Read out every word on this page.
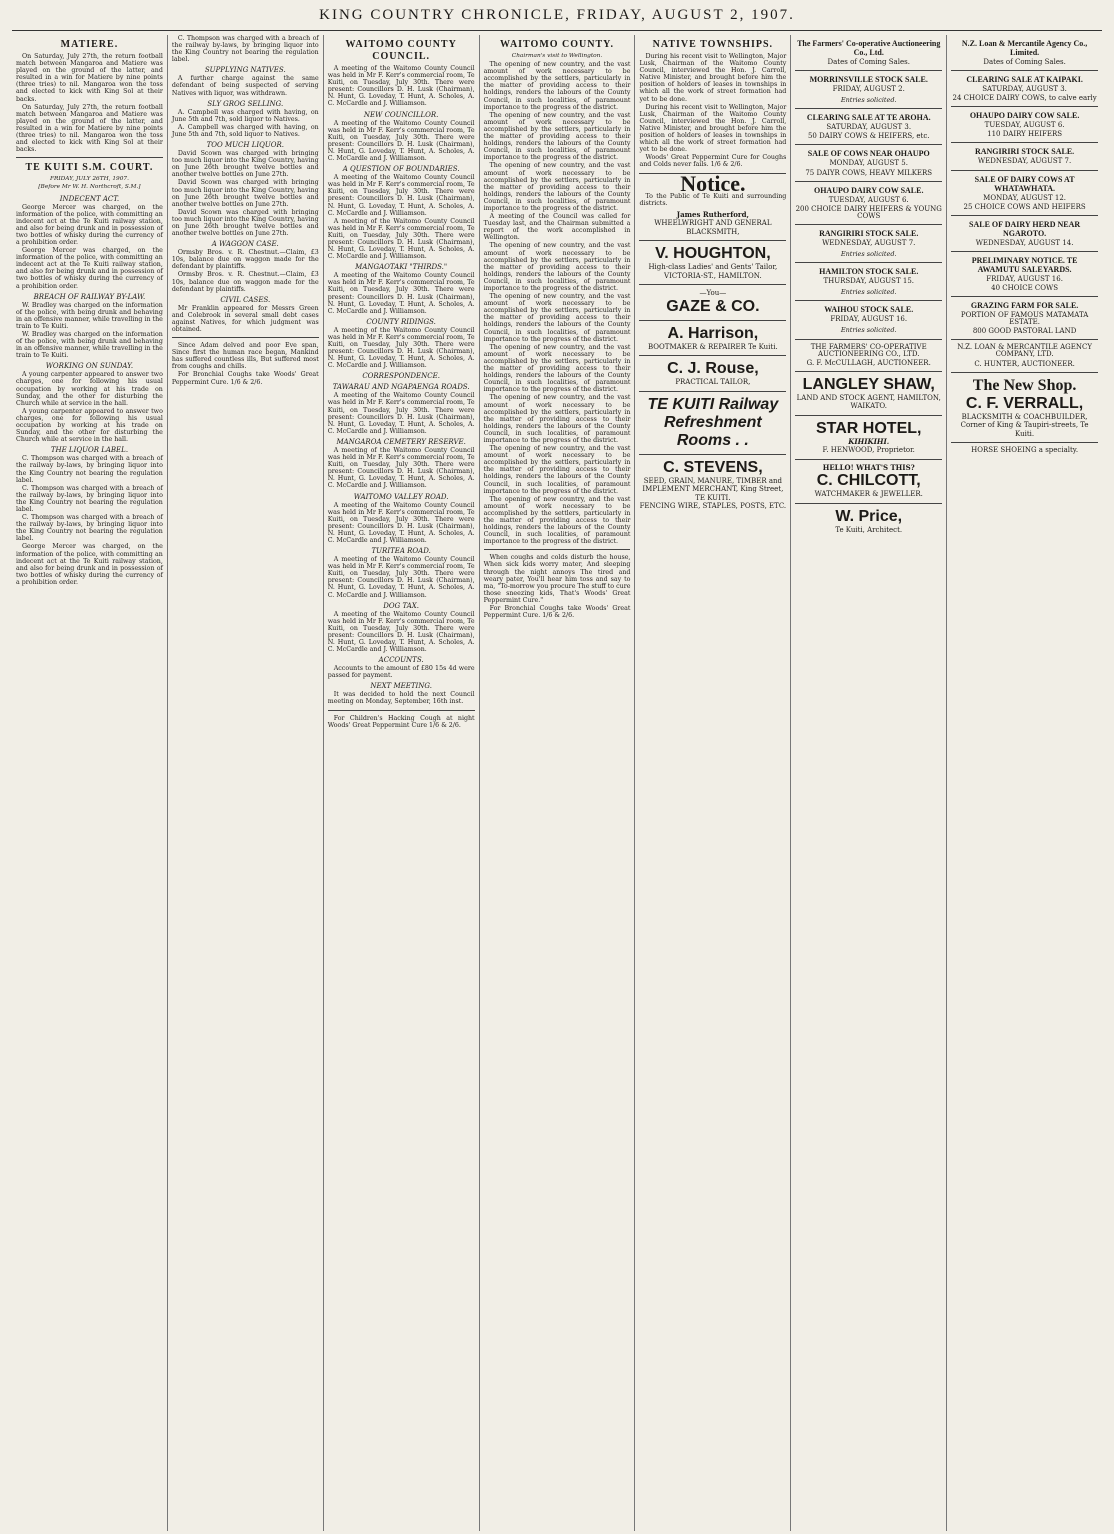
KING COUNTRY CHRONICLE, FRIDAY, AUGUST 2, 1907.
MATIERE.

On Saturday, July 27th, the return football match between Mangaroa and Matiere was played on the ground of the latter, and resulted in a win for Matiere by nine points (three tries) to nil. Mangaroa won the toss and elected to kick with King Sol at their backs.

On Saturday, July 27th, the return football match between Mangaroa and Matiere was played on the ground of the latter, and resulted in a win for Matiere by nine points (three tries) to nil. Mangaroa won the toss and elected to kick with King Sol at their backs.

TE KUITI S.M. COURT.
FRIDAY, JULY 26TH, 1907.
[Before Mr W. H. Northcroft, S.M.]
INDECENT ACT.

George Mercer was charged, on the information of the police, with committing an indecent act at the Te Kuiti railway station, and also for being drunk and in possession of two bottles of whisky during the currency of a prohibition order.

George Mercer was charged, on the information of the police, with committing an indecent act at the Te Kuiti railway station, and also for being drunk and in possession of two bottles of whisky during the currency of a prohibition order.

BREACH OF RAILWAY BY-LAW.

W. Bradley was charged on the information of the police, with being drunk and behaving in an offensive manner, while travelling in the train to Te Kuiti.

W. Bradley was charged on the information of the police, with being drunk and behaving in an offensive manner, while travelling in the train to Te Kuiti.

WORKING ON SUNDAY.

A young carpenter appeared to answer two charges, one for following his usual occupation by working at his trade on Sunday, and the other for disturbing the Church while at service in the hall.

A young carpenter appeared to answer two charges, one for following his usual occupation by working at his trade on Sunday, and the other for disturbing the Church while at service in the hall.

THE LIQUOR LABEL.

C. Thompson was charged with a breach of the railway by-laws, by bringing liquor into the King Country not bearing the regulation label.

C. Thompson was charged with a breach of the railway by-laws, by bringing liquor into the King Country not bearing the regulation label.

C. Thompson was charged with a breach of the railway by-laws, by bringing liquor into the King Country not bearing the regulation label.

George Mercer was charged, on the information of the police, with committing an indecent act at the Te Kuiti railway station, and also for being drunk and in possession of two bottles of whisky during the currency of a prohibition order.

C. Thompson was charged with a breach of the railway by-laws, by bringing liquor into the King Country not bearing the regulation label.

SUPPLYING NATIVES.

A further charge against the same defendant of being suspected of serving Natives with liquor, was withdrawn.

SLY GROG SELLING.

A. Campbell was charged with having, on June 5th and 7th, sold liquor to Natives.

A. Campbell was charged with having, on June 5th and 7th, sold liquor to Natives.

TOO MUCH LIQUOR.

David Scown was charged with bringing too much liquor into the King Country, having on June 26th brought twelve bottles and another twelve bottles on June 27th.

David Scown was charged with bringing too much liquor into the King Country, having on June 26th brought twelve bottles and another twelve bottles on June 27th.

David Scown was charged with bringing too much liquor into the King Country, having on June 26th brought twelve bottles and another twelve bottles on June 27th.

A WAGGON CASE.

Ormsby Bros. v. R. Chestnut.—Claim, £3 10s, balance due on waggon made for the defendant by plaintiffs.

Ormsby Bros. v. R. Chestnut.—Claim, £3 10s, balance due on waggon made for the defendant by plaintiffs.

CIVIL CASES.

Mr Franklin appeared for Messrs Green and Colebrook in several small debt cases against Natives, for which judgment was obtained.

Since Adam delved and poor Eve span, Since first the human race began, Mankind has suffered countless ills, But suffered most from coughs and chills.

For Bronchial Coughs take Woods' Great Peppermint Cure. 1/6 & 2/6.

WAITOMO COUNTY COUNCIL.

A meeting of the Waitomo County Council was held in Mr F. Kerr's commercial room, Te Kuiti, on Tuesday, July 30th. There were present: Councillors D. H. Lusk (Chairman), N. Hunt, G. Loveday, T. Hunt, A. Scholes, A. C. McCardle and J. Williamson.

NEW COUNCILLOR.

A meeting of the Waitomo County Council was held in Mr F. Kerr's commercial room, Te Kuiti, on Tuesday, July 30th. There were present: Councillors D. H. Lusk (Chairman), N. Hunt, G. Loveday, T. Hunt, A. Scholes, A. C. McCardle and J. Williamson.

A QUESTION OF BOUNDARIES.

A meeting of the Waitomo County Council was held in Mr F. Kerr's commercial room, Te Kuiti, on Tuesday, July 30th. There were present: Councillors D. H. Lusk (Chairman), N. Hunt, G. Loveday, T. Hunt, A. Scholes, A. C. McCardle and J. Williamson.

A meeting of the Waitomo County Council was held in Mr F. Kerr's commercial room, Te Kuiti, on Tuesday, July 30th. There were present: Councillors D. H. Lusk (Chairman), N. Hunt, G. Loveday, T. Hunt, A. Scholes, A. C. McCardle and J. Williamson.

MANGAOTAKI "THIRDS."

A meeting of the Waitomo County Council was held in Mr F. Kerr's commercial room, Te Kuiti, on Tuesday, July 30th. There were present: Councillors D. H. Lusk (Chairman), N. Hunt, G. Loveday, T. Hunt, A. Scholes, A. C. McCardle and J. Williamson.

COUNTY RIDINGS.

A meeting of the Waitomo County Council was held in Mr F. Kerr's commercial room, Te Kuiti, on Tuesday, July 30th. There were present: Councillors D. H. Lusk (Chairman), N. Hunt, G. Loveday, T. Hunt, A. Scholes, A. C. McCardle and J. Williamson.

CORRESPONDENCE.
TAWARAU AND NGAPAENGA ROADS.

A meeting of the Waitomo County Council was held in Mr F. Kerr's commercial room, Te Kuiti, on Tuesday, July 30th. There were present: Councillors D. H. Lusk (Chairman), N. Hunt, G. Loveday, T. Hunt, A. Scholes, A. C. McCardle and J. Williamson.

MANGAROA CEMETERY RESERVE.

A meeting of the Waitomo County Council was held in Mr F. Kerr's commercial room, Te Kuiti, on Tuesday, July 30th. There were present: Councillors D. H. Lusk (Chairman), N. Hunt, G. Loveday, T. Hunt, A. Scholes, A. C. McCardle and J. Williamson.

WAITOMO VALLEY ROAD.

A meeting of the Waitomo County Council was held in Mr F. Kerr's commercial room, Te Kuiti, on Tuesday, July 30th. There were present: Councillors D. H. Lusk (Chairman), N. Hunt, G. Loveday, T. Hunt, A. Scholes, A. C. McCardle and J. Williamson.

TURITEA ROAD.

A meeting of the Waitomo County Council was held in Mr F. Kerr's commercial room, Te Kuiti, on Tuesday, July 30th. There were present: Councillors D. H. Lusk (Chairman), N. Hunt, G. Loveday, T. Hunt, A. Scholes, A. C. McCardle and J. Williamson.

DOG TAX.

A meeting of the Waitomo County Council was held in Mr F. Kerr's commercial room, Te Kuiti, on Tuesday, July 30th. There were present: Councillors D. H. Lusk (Chairman), N. Hunt, G. Loveday, T. Hunt, A. Scholes, A. C. McCardle and J. Williamson.

ACCOUNTS.

Accounts to the amount of £80 15s 4d were passed for payment.

NEXT MEETING.

It was decided to hold the next Council meeting on Monday, September, 16th inst.

For Children's Hacking Cough at night Woods' Great Peppermint Cure 1/6 & 2/6.

WAITOMO COUNTY.
Chairman's visit to Wellington.

The opening of new country, and the vast amount of work necessary to be accomplished by the settlers, particularly in the matter of providing access to their holdings, renders the labours of the County Council, in such localities, of paramount importance to the progress of the district.

The opening of new country, and the vast amount of work necessary to be accomplished by the settlers, particularly in the matter of providing access to their holdings, renders the labours of the County Council, in such localities, of paramount importance to the progress of the district.

The opening of new country, and the vast amount of work necessary to be accomplished by the settlers, particularly in the matter of providing access to their holdings, renders the labours of the County Council, in such localities, of paramount importance to the progress of the district.

A meeting of the Council was called for Tuesday last, and the Chairman submitted a report of the work accomplished in Wellington.

The opening of new country, and the vast amount of work necessary to be accomplished by the settlers, particularly in the matter of providing access to their holdings, renders the labours of the County Council, in such localities, of paramount importance to the progress of the district.

The opening of new country, and the vast amount of work necessary to be accomplished by the settlers, particularly in the matter of providing access to their holdings, renders the labours of the County Council, in such localities, of paramount importance to the progress of the district.

The opening of new country, and the vast amount of work necessary to be accomplished by the settlers, particularly in the matter of providing access to their holdings, renders the labours of the County Council, in such localities, of paramount importance to the progress of the district.

The opening of new country, and the vast amount of work necessary to be accomplished by the settlers, particularly in the matter of providing access to their holdings, renders the labours of the County Council, in such localities, of paramount importance to the progress of the district.

The opening of new country, and the vast amount of work necessary to be accomplished by the settlers, particularly in the matter of providing access to their holdings, renders the labours of the County Council, in such localities, of paramount importance to the progress of the district.

The opening of new country, and the vast amount of work necessary to be accomplished by the settlers, particularly in the matter of providing access to their holdings, renders the labours of the County Council, in such localities, of paramount importance to the progress of the district.

When coughs and colds disturb the house, When sick kids worry mater, And sleeping through the night annoys The tired and weary pater, You'll hear him toss and say to ma, "To-morrow you procure The stuff to cure those sneezing kids, That's Woods' Great Peppermint Cure."

For Bronchial Coughs take Woods' Great Peppermint Cure. 1/6 & 2/6.

NATIVE TOWNSHIPS.

During his recent visit to Wellington, Major Lusk, Chairman of the Waitomo County Council, interviewed the Hon. J. Carroll, Native Minister, and brought before him the position of holders of leases in townships in which all the work of street formation had yet to be done.

During his recent visit to Wellington, Major Lusk, Chairman of the Waitomo County Council, interviewed the Hon. J. Carroll, Native Minister, and brought before him the position of holders of leases in townships in which all the work of street formation had yet to be done.

Woods' Great Peppermint Cure for Coughs and Colds never fails. 1/6 & 2/6.

Notice.

To the Public of Te Kuiti and surrounding districts.

James Rutherford,
WHEELWRIGHT AND GENERAL BLACKSMITH,
V. HOUGHTON,
High-class Ladies' and Gents' Tailor, VICTORIA-ST., HAMILTON.
—You—
GAZE & CO.
A. Harrison,
BOOTMAKER & REPAIRER Te Kuiti.
C. J. Rouse,
PRACTICAL TAILOR,
TE KUITI Railway Refreshment Rooms . .
C. STEVENS,
SEED, GRAIN, MANURE, TIMBER and IMPLEMENT MERCHANT, King Street, TE KUITI.
FENCING WIRE, STAPLES, POSTS, ETC.
The Farmers' Co-operative Auctioneering Co., Ltd.
Dates of Coming Sales.
MORRINSVILLE STOCK SALE.
FRIDAY, AUGUST 2.
Entries solicited.
CLEARING SALE AT TE AROHA.
SATURDAY, AUGUST 3.
50 DAIRY COWS & HEIFERS, etc.
SALE OF COWS NEAR OHAUPO
MONDAY, AUGUST 5.
75 DAIYR COWS, HEAVY MILKERS
OHAUPO DAIRY COW SALE.
TUESDAY, AUGUST 6.
200 CHOICE DAIRY HEIFERS & YOUNG COWS
RANGIRIRI STOCK SALE.
WEDNESDAY, AUGUST 7.
Entries solicited.
HAMILTON STOCK SALE.
THURSDAY, AUGUST 15.
Entries solicited.
WAIHOU STOCK SALE.
FRIDAY, AUGUST 16.
Entries solicited.
THE FARMERS' CO-OPERATIVE AUCTIONEERING CO., LTD.
G. F. McCULLAGH, AUCTIONEER.
LANGLEY SHAW,
LAND AND STOCK AGENT, HAMILTON, WAIKATO.
STAR HOTEL,
KIHIKIHI.
F. HENWOOD, Proprietor.
HELLO! WHAT'S THIS?
C. CHILCOTT,
WATCHMAKER & JEWELLER.
W. Price,
Te Kuiti, Architect.
N.Z. Loan & Mercantile Agency Co., Limited.
Dates of Coming Sales.
CLEARING SALE AT KAIPAKI.
SATURDAY, AUGUST 3.
24 CHOICE DAIRY COWS, to calve early
OHAUPO DAIRY COW SALE.
TUESDAY, AUGUST 6.
110 DAIRY HEIFERS
RANGIRIRI STOCK SALE.
WEDNESDAY, AUGUST 7.
SALE OF DAIRY COWS AT WHATAWHATA.
MONDAY, AUGUST 12.
25 CHOICE COWS AND HEIFERS
SALE OF DAIRY HERD NEAR NGAROTO.
WEDNESDAY, AUGUST 14.
PRELIMINARY NOTICE. TE AWAMUTU SALEYARDS.
FRIDAY, AUGUST 16.
40 CHOICE COWS
GRAZING FARM FOR SALE.
PORTION OF FAMOUS MATAMATA ESTATE.
800 GOOD PASTORAL LAND
N.Z. LOAN & MERCANTILE AGENCY COMPANY, LTD.
C. HUNTER, AUCTIONEER.
The New Shop.
C. F. VERRALL,
BLACKSMITH & COACHBUILDER, Corner of King & Taupiri-streets, Te Kuiti.
HORSE SHOEING a specialty.
